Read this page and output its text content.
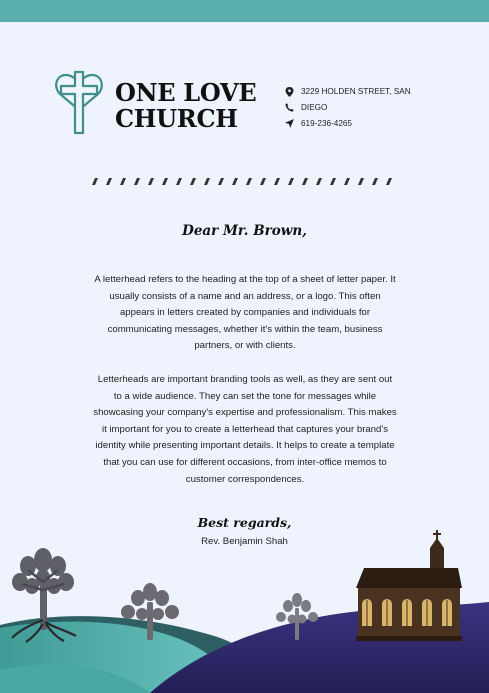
ONE LOVE
CHURCH
3229 HOLDEN STREET, SAN
DIEGO
619-236-4265
Dear Mr. Brown,
A letterhead refers to the heading at the top of a sheet of letter paper. It usually consists of a name and an address, or a logo. This often appears in letters created by companies and individuals for communicating messages, whether it's within the team, business partners, or with clients.
Letterheads are important branding tools as well, as they are sent out to a wide audience. They can set the tone for messages while showcasing your company's expertise and professionalism. This makes it important for you to create a letterhead that captures your brand's identity while presenting important details. It helps to create a template that you can use for different occasions, from inter-office memos to customer correspondences.
Best regards,
Rev. Benjamin Shah
